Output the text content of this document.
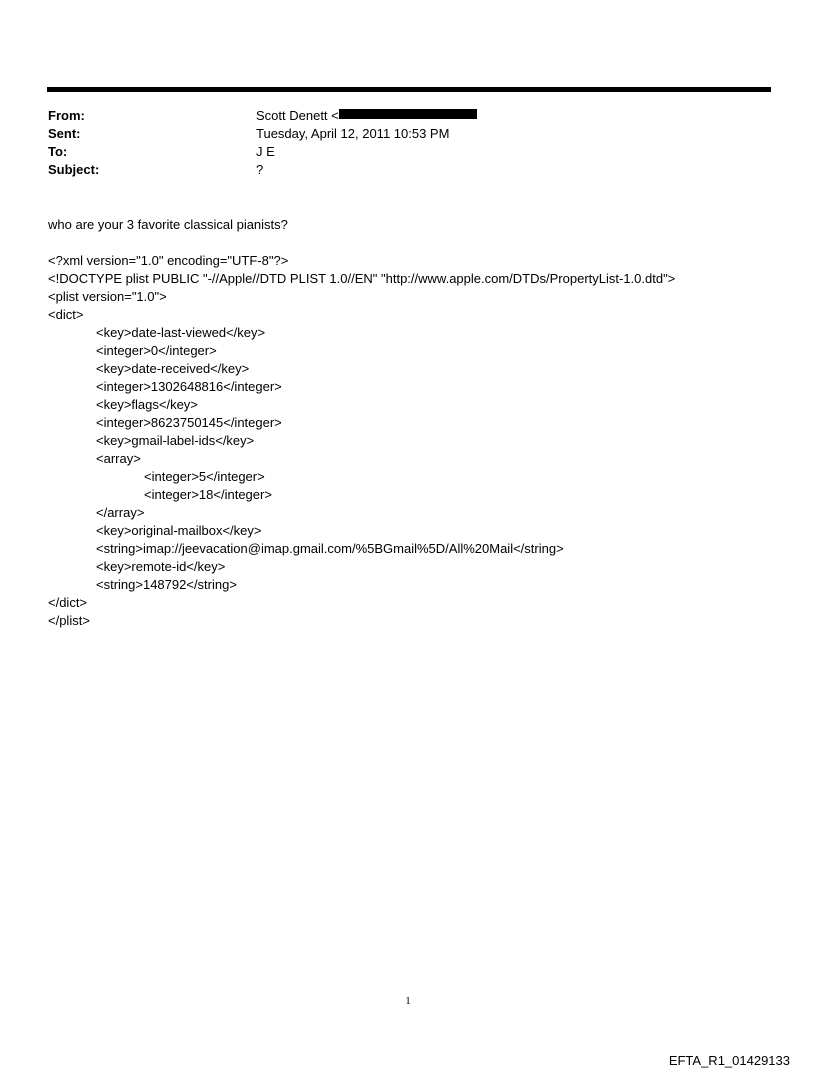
From:	Scott Denett <
Sent:	Tuesday, April 12, 2011 10:53 PM
To:	J E
Subject:	?
who are your 3 favorite classical pianists?
<?xml version="1.0" encoding="UTF-8"?>
<!DOCTYPE plist PUBLIC "-//Apple//DTD PLIST 1.0//EN" "http://www.apple.com/DTDs/PropertyList-1.0.dtd">
<plist version="1.0">
<dict>
<key>date-last-viewed</key>
<integer>0</integer>
<key>date-received</key>
<integer>1302648816</integer>
<key>flags</key>
<integer>8623750145</integer>
<key>gmail-label-ids</key>
<array>
<integer>5</integer>
<integer>18</integer>
</array>
<key>original-mailbox</key>
<string>imap://jeevacation@imap.gmail.com/%5BGmail%5D/All%20Mail</string>
<key>remote-id</key>
<string>148792</string>
</dict>
</plist>
1
EFTA_R1_01429133
